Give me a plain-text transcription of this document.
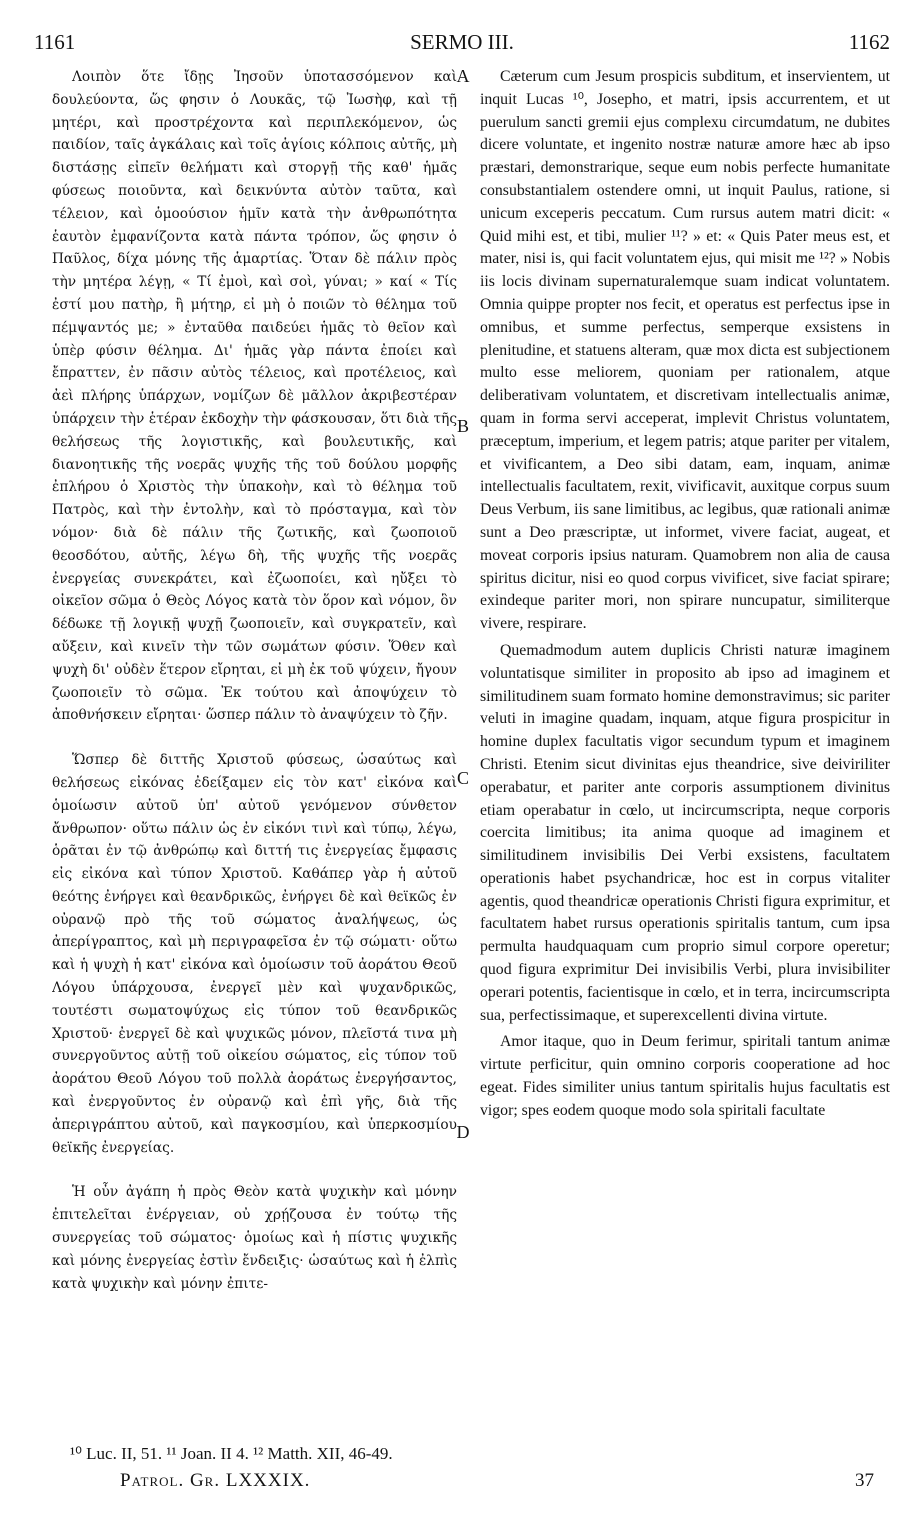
1161	SERMO III.	1162

Λοιπὸν ὅτε ἴδῃς Ἰησοῦν ὑποτασσόμενον καὶ δουλεύοντα, ὥς φησιν ὁ Λουκᾶς, τῷ Ἰωσὴφ, καὶ τῇ μητέρι, καὶ προστρέχοντα καὶ περιπλεκόμενον, ὡς παιδίον, ταῖς ἀγκάλαις καὶ τοῖς ἁγίοις κόλποις αὐτῆς, μὴ διστάσῃς εἰπεῖν θελήματι καὶ στοργῇ τῆς καθ' ἡμᾶς φύσεως ποιοῦντα, καὶ δεικνύντα αὐτὸν ταῦτα, καὶ τέλειον, καὶ ὁμοούσιον ἡμῖν κατὰ τὴν ἀνθρωπότητα ἑαυτὸν ἐμφανίζοντα κατὰ πάντα τρόπον, ὥς φησιν ὁ Παῦλος, δίχα μόνης τῆς ἁμαρτίας. Ὅταν δὲ πάλιν πρὸς τὴν μητέρα λέγῃ, « Τί ἐμοὶ, καὶ σοὶ, γύναι; » καί « Τίς ἐστί μου πατὴρ, ἢ μήτηρ, εἰ μὴ ὁ ποιῶν τὸ θέλημα τοῦ πέμψαντός με; » ἐνταῦθα παιδεύει ἡμᾶς τὸ θεῖον καὶ ὑπὲρ φύσιν θέλημα. Δι' ἡμᾶς γὰρ πάντα ἐποίει καὶ ἔπραττεν, ἐν πᾶσιν αὐτὸς τέλειος, καὶ προτέλειος, καὶ ἀεὶ πλήρης ὑπάρχων, νομίζων δὲ μᾶλλον ἀκριβεστέραν ὑπάρχειν τὴν ἑτέραν ἐκδοχὴν τὴν φάσκουσαν, ὅτι διὰ τῆς θελήσεως τῆς λογιστικῆς, καὶ βουλευτικῆς, καὶ διανοητικῆς τῆς νοερᾶς ψυχῆς τῆς τοῦ δούλου μορφῆς ἐπλήρου ὁ Χριστὸς τὴν ὑπακοὴν, καὶ τὸ θέλημα τοῦ Πατρὸς, καὶ τὴν ἐντολὴν, καὶ τὸ πρόσταγμα, καὶ τὸν νόμον· διὰ δὲ πάλιν τῆς ζωτικῆς, καὶ ζωοποιοῦ θεοσδότου, αὐτῆς, λέγω δὴ, τῆς ψυχῆς τῆς νοερᾶς ἐνεργείας συνεκράτει, καὶ ἐζωοποίει, καὶ ηὔξει τὸ οἰκεῖον σῶμα ὁ Θεὸς Λόγος κατὰ τὸν ὅρον καὶ νόμον, ὃν δέδωκε τῇ λογικῇ ψυχῇ ζωοποιεῖν, καὶ συγκρατεῖν, καὶ αὔξειν, καὶ κινεῖν τὴν τῶν σωμάτων φύσιν. Ὅθεν καὶ ψυχὴ δι' οὐδὲν ἕτερον εἴρηται, εἰ μὴ ἐκ τοῦ ψύχειν, ἤγουν ζωοποιεῖν τὸ σῶμα. Ἐκ τούτου καὶ ἀποψύχειν τὸ ἀποθνήσκειν εἴρηται· ὥσπερ πάλιν τὸ ἀναψύχειν τὸ ζῆν.

Ὥσπερ δὲ διττῆς Χριστοῦ φύσεως, ὡσαύτως καὶ θελήσεως εἰκόνας ἐδείξαμεν εἰς τὸν κατ' εἰκόνα καὶ ὁμοίωσιν αὐτοῦ ὑπ' αὐτοῦ γενόμενον σύνθετον ἄνθρωπον· οὕτω πάλιν ὡς ἐν εἰκόνι τινὶ καὶ τύπῳ, λέγω, ὁρᾶται ἐν τῷ ἀνθρώπῳ καὶ διττή τις ἐνεργείας ἔμφασις εἰς εἰκόνα καὶ τύπον Χριστοῦ. Καθάπερ γὰρ ἡ αὐτοῦ θεότης ἐνήργει καὶ θεανδρικῶς, ἐνήργει δὲ καὶ θεϊκῶς ἐν οὐρανῷ πρὸ τῆς τοῦ σώματος ἀναλήψεως, ὡς ἀπερίγραπτος, καὶ μὴ περιγραφεῖσα ἐν τῷ σώματι· οὕτω καὶ ἡ ψυχὴ ἡ κατ' εἰκόνα καὶ ὁμοίωσιν τοῦ ἀοράτου Θεοῦ Λόγου ὑπάρχουσα, ἐνεργεῖ μὲν καὶ ψυχανδρικῶς, τουτέστι σωματοψύχως εἰς τύπον τοῦ θεανδρικῶς Χριστοῦ· ἐνεργεῖ δὲ καὶ ψυχικῶς μόνον, πλεῖστά τινα μὴ συνεργοῦντος αὐτῇ τοῦ οἰκείου σώματος, εἰς τύπον τοῦ ἀοράτου Θεοῦ Λόγου τοῦ πολλὰ ἀοράτως ἐνεργήσαντος, καὶ ἐνεργοῦντος ἐν οὐρανῷ καὶ ἐπὶ γῆς, διὰ τῆς ἀπεριγράπτου αὐτοῦ, καὶ παγκοσμίου, καὶ ὑπερκοσμίου θεϊκῆς ἐνεργείας.

Ἡ οὖν ἀγάπη ἡ πρὸς Θεὸν κατὰ ψυχικὴν καὶ μόνην ἐπιτελεῖται ἐνέργειαν, οὐ χρῄζουσα ἐν τούτῳ τῆς συνεργείας τοῦ σώματος· ὁμοίως καὶ ἡ πίστις ψυχικῆς καὶ μόνης ἐνεργείας ἐστὶν ἔνδειξις· ὡσαύτως καὶ ἡ ἐλπὶς κατὰ ψυχικὴν καὶ μόνην ἐπιτε-

A
B
C
D

Cæterum cum Jesum prospicis subditum, et inservientem, ut inquit Lucas ¹⁰, Josepho, et matri, ipsis accurrentem, et ut puerulum sancti gremii ejus complexu circumdatum, ne dubites dicere voluntate, et ingenito nostræ naturæ amore hæc ab ipso præstari, demonstrarique, seque eum nobis perfecte humanitate consubstantialem ostendere omni, ut inquit Paulus, ratione, si unicum exceperis peccatum. Cum rursus autem matri dicit: « Quid mihi est, et tibi, mulier ¹¹? » et: « Quis Pater meus est, et mater, nisi is, qui facit voluntatem ejus, qui misit me ¹²? » Nobis iis locis divinam supernaturalemque suam indicat voluntatem. Omnia quippe propter nos fecit, et operatus est perfectus ipse in omnibus, et summe perfectus, semperque exsistens in plenitudine, et statuens alteram, quæ mox dicta est subjectionem multo esse meliorem, quoniam per rationalem, atque deliberativam voluntatem, et discretivam intellectualis animæ, quam in forma servi acceperat, implevit Christus voluntatem, præceptum, imperium, et legem patris; atque pariter per vitalem, et vivificantem, a Deo sibi datam, eam, inquam, animæ intellectualis facultatem, rexit, vivificavit, auxitque corpus suum Deus Verbum, iis sane limitibus, ac legibus, quæ rationali animæ sunt a Deo præscriptæ, ut informet, vivere faciat, augeat, et moveat corporis ipsius naturam. Quamobrem non alia de causa spiritus dicitur, nisi eo quod corpus vivificet, sive faciat spirare; exindeque pariter mori, non spirare nuncupatur, similiterque vivere, respirare.

Quemadmodum autem duplicis Christi naturæ imaginem voluntatisque similiter in proposito ab ipso ad imaginem et similitudinem suam formato homine demonstravimus; sic pariter veluti in imagine quadam, inquam, atque figura prospicitur in homine duplex facultatis vigor secundum typum et imaginem Christi. Etenim sicut divinitas ejus theandrice, sive deiviriliter operabatur, et pariter ante corporis assumptionem divinitus etiam operabatur in cœlo, ut incircumscripta, neque corporis coercita limitibus; ita anima quoque ad imaginem et similitudinem invisibilis Dei Verbi exsistens, facultatem operationis habet psychandricæ, hoc est in corpus vitaliter agentis, quod theandricæ operationis Christi figura exprimitur, et facultatem habet rursus operationis spiritalis tantum, cum ipsa permulta haudquaquam cum proprio simul corpore operetur; quod figura exprimitur Dei invisibilis Verbi, plura invisibiliter operari potentis, facientisque in cœlo, et in terra, incircumscripta sua, perfectissimaque, et superexcellenti divina virtute.

Amor itaque, quo in Deum ferimur, spiritali tantum animæ virtute perficitur, quin omnino corporis cooperatione ad hoc egeat. Fides similiter unius tantum spiritalis hujus facultatis est vigor; spes eodem quoque modo sola spiritali facultate

¹⁰ Luc. II, 51. ¹¹ Joan. II 4. ¹² Matth. XII, 46-49.
Patrol. Gr. LXXXIX.	37
